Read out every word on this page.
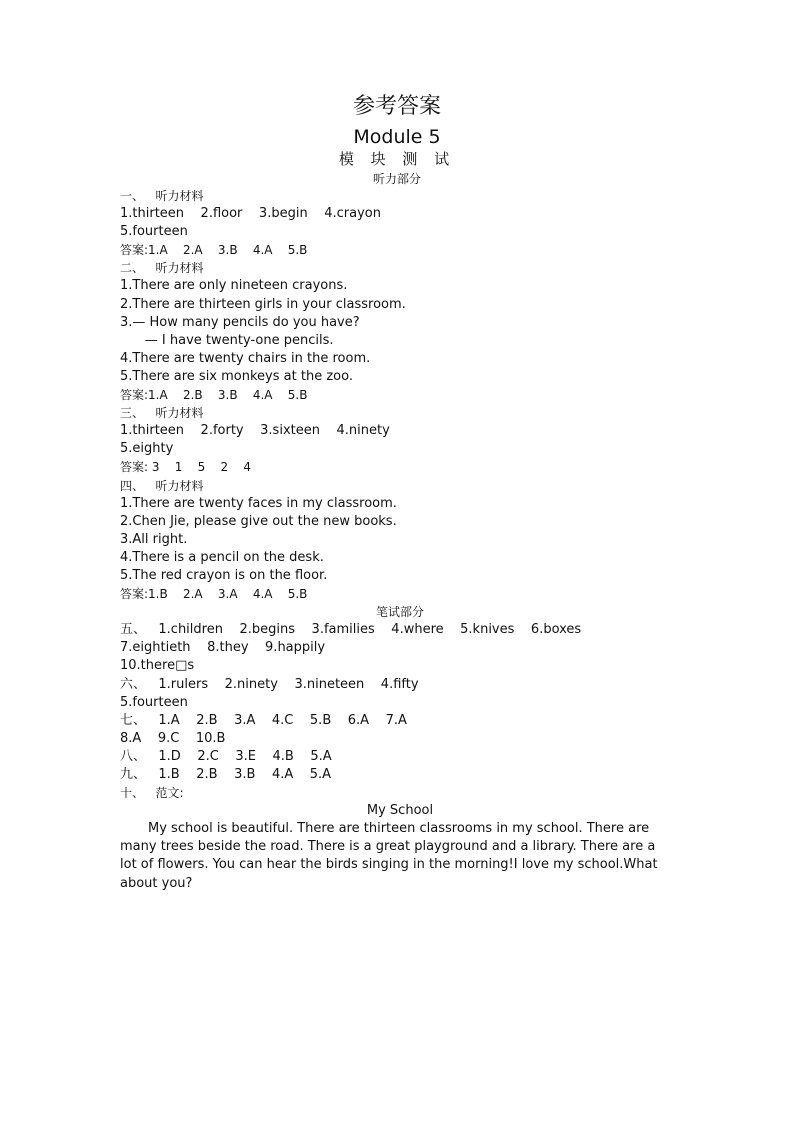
参考答案
Module 5
模 块 测 试
听力部分
一、   听力材料
1.thirteen    2.floor    3.begin    4.crayon
5.fourteen
答案:1.A    2.A    3.B    4.A    5.B
二、   听力材料
1.There are only nineteen crayons.
2.There are thirteen girls in your classroom.
3.— How many pencils do you have?
— I have twenty-one pencils.
4.There are twenty chairs in the room.
5.There are six monkeys at the zoo.
答案:1.A    2.B    3.B    4.A    5.B
三、   听力材料
1.thirteen    2.forty    3.sixteen    4.ninety
5.eighty
答案: 3    1    5    2    4
四、   听力材料
1.There are twenty faces in my classroom.
2.Chen Jie, please give out the new books.
3.All right.
4.There is a pencil on the desk.
5.The red crayon is on the floor.
答案:1.B    2.A    3.A    4.A    5.B
笔试部分
五、   1.children    2.begins    3.families    4.where    5.knives    6.boxes
7.eightieth    8.they    9.happily
10.there□s
六、   1.rulers    2.ninety    3.nineteen    4.fifty
5.fourteen
七、   1.A    2.B    3.A    4.C    5.B    6.A    7.A
8.A    9.C    10.B
八、   1.D    2.C    3.E    4.B    5.A
九、   1.B    2.B    3.B    4.A    5.A
十、   范文:
My School
My school is beautiful. There are thirteen classrooms in my school. There are many trees beside the road. There is a great playground and a library. There are a lot of flowers. You can hear the birds singing in the morning!I love my school.What about you?
